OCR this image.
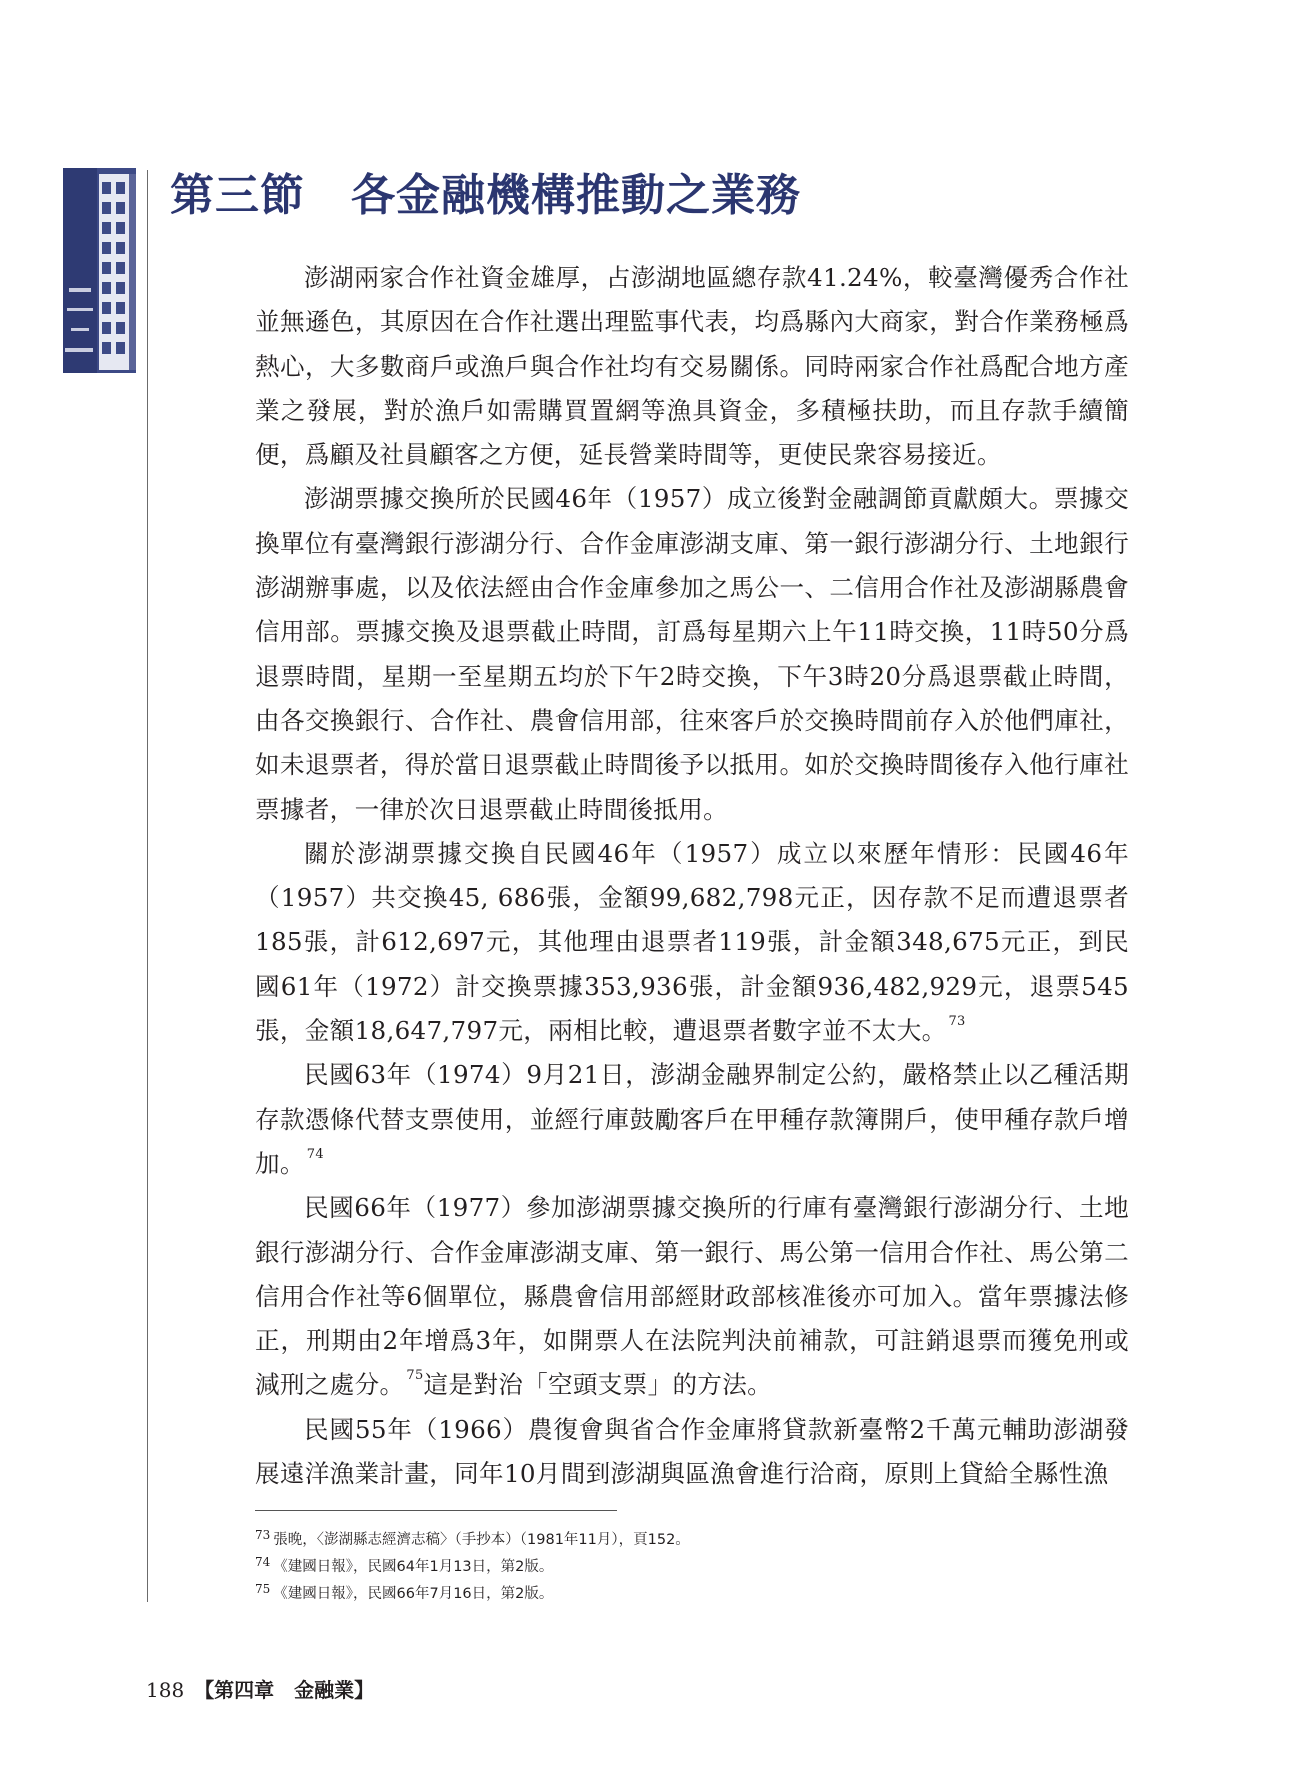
第三節 各金融機構推動之業務

澎湖兩家合作社資金雄厚，占澎湖地區總存款41.24%，較臺灣優秀合作社並無遜色，其原因在合作社選出理監事代表，均爲縣內大商家，對合作業務極爲熱心，大多數商戶或漁戶與合作社均有交易關係。同時兩家合作社爲配合地方產業之發展，對於漁戶如需購買置網等漁具資金，多積極扶助，而且存款手續簡便，爲顧及社員顧客之方便，延長營業時間等，更使民衆容易接近。

澎湖票據交換所於民國46年（1957）成立後對金融調節貢獻頗大。票據交換單位有臺灣銀行澎湖分行、合作金庫澎湖支庫、第一銀行澎湖分行、土地銀行澎湖辦事處，以及依法經由合作金庫參加之馬公一、二信用合作社及澎湖縣農會信用部。票據交換及退票截止時間，訂爲每星期六上午11時交換，11時50分爲退票時間，星期一至星期五均於下午2時交換，下午3時20分爲退票截止時間，由各交換銀行、合作社、農會信用部，往來客戶於交換時間前存入於他們庫社，如未退票者，得於當日退票截止時間後予以抵用。如於交換時間後存入他行庫社票據者，一律於次日退票截止時間後抵用。

關於澎湖票據交換自民國46年（1957）成立以來歷年情形：民國46年（1957）共交換45, 686張，金額99,682,798元正，因存款不足而遭退票者185張，計612,697元，其他理由退票者119張，計金額348,675元正，到民國61年（1972）計交換票據353,936張，計金額936,482,929元，退票545張，金額18,647,797元，兩相比較，遭退票者數字並不太大。 $^{73}$

民國63年（1974）9月21日，澎湖金融界制定公約，嚴格禁止以乙種活期存款憑條代替支票使用，並經行庫鼓勵客戶在甲種存款簿開戶，使甲種存款戶增加。 $^{74}$

民國66年（1977）參加澎湖票據交換所的行庫有臺灣銀行澎湖分行、土地銀行澎湖分行、合作金庫澎湖支庫、第一銀行、馬公第一信用合作社、馬公第二信用合作社等6個單位，縣農會信用部經財政部核准後亦可加入。當年票據法修正，刑期由2年增爲3年，如開票人在法院判決前補款，可註銷退票而獲免刑或減刑之處分。 $^{75}$這是對治「空頭支票」的方法。

民國55年（1966）農復會與省合作金庫將貸款新臺幣2千萬元輔助澎湖發展遠洋漁業計畫，同年10月間到澎湖與區漁會進行洽商，原則上貸給全縣性漁

$^{73}$ 張晚，〈澎湖縣志經濟志稿〉（手抄本）（1981年11月），頁152。

$^{74}$ 《建國日報》，民國64年1月13日，第2版。

$^{75}$ 《建國日報》，民國66年7月16日，第2版。

188 【第四章　金融業】
